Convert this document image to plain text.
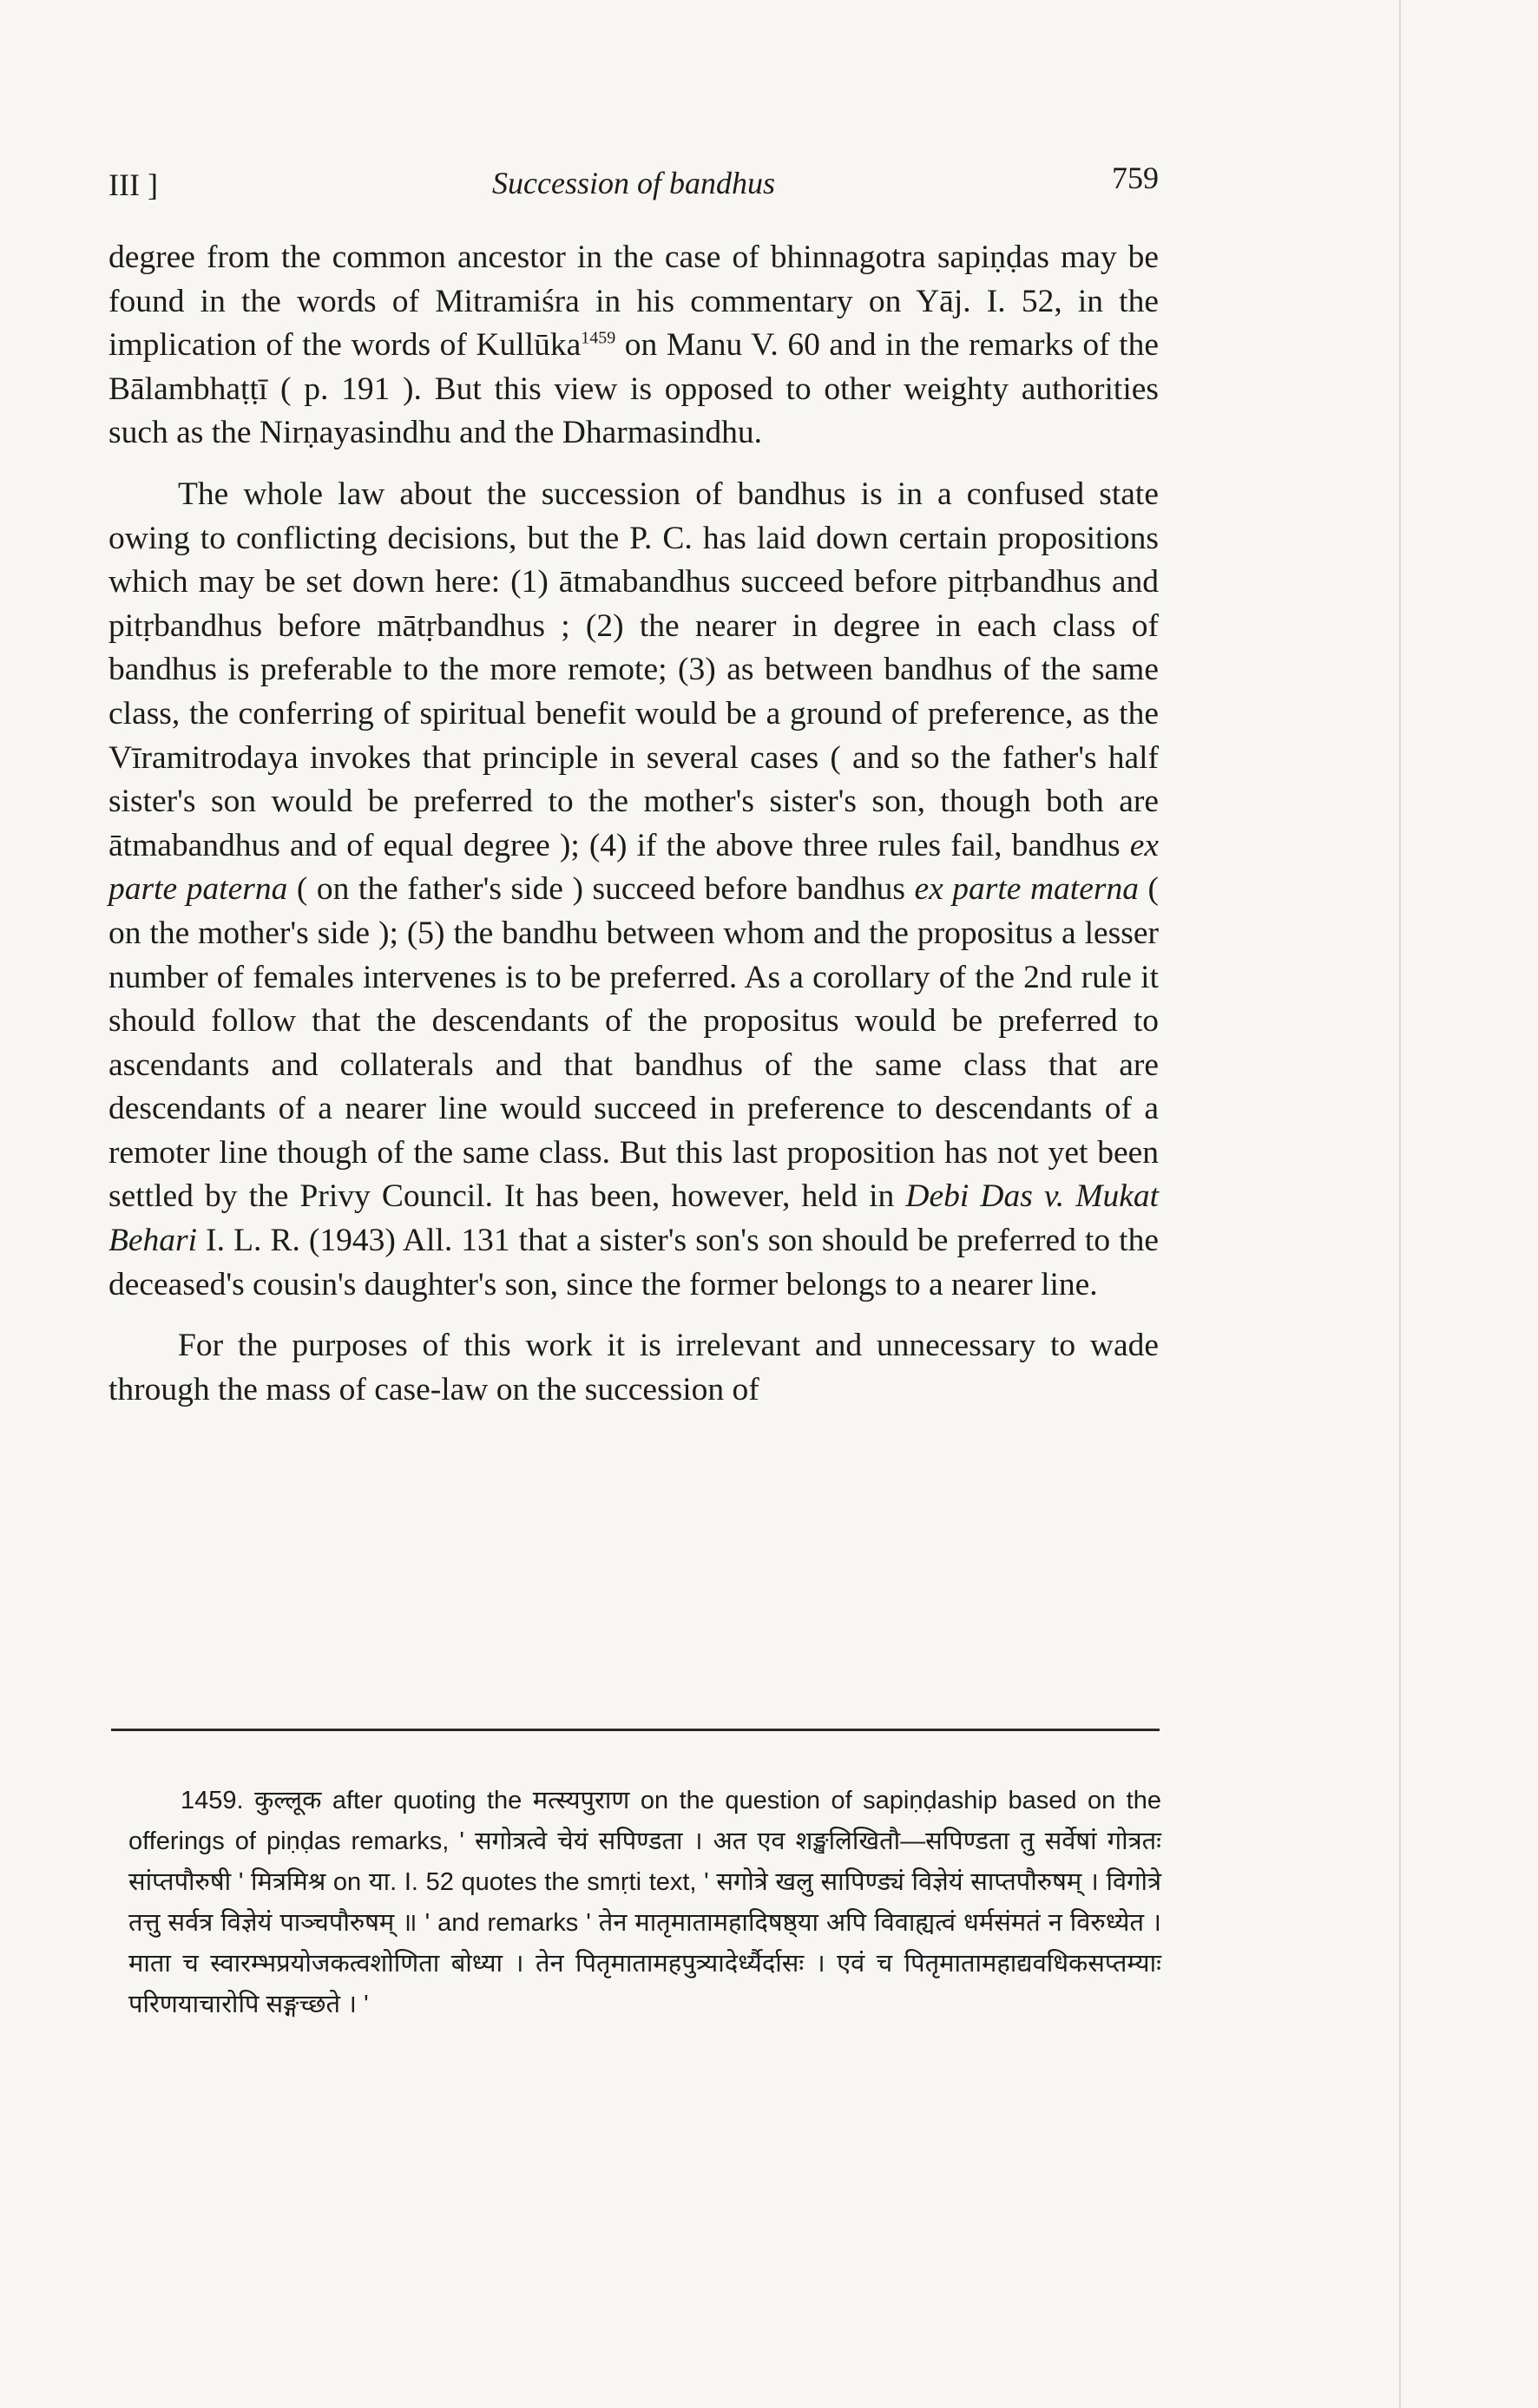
III ]	Succession of bandhus	759

degree from the common ancestor in the case of bhinnagotra sapiṇḍas may be found in the words of Mitramiśra in his commentary on Yāj. I. 52, in the implication of the words of Kullūka$^{1459}$ on Manu V. 60 and in the remarks of the Bālambhaṭṭī ( p. 191 ). But this view is opposed to other weighty authorities such as the Nirṇayasindhu and the Dharmasindhu.

The whole law about the succession of bandhus is in a confused state owing to conflicting decisions, but the P. C. has laid down certain propositions which may be set down here: (1) ātmabandhus succeed before pitṛbandhus and pitṛbandhus before mātṛbandhus ; (2) the nearer in degree in each class of bandhus is preferable to the more remote; (3) as between bandhus of the same class, the conferring of spiritual benefit would be a ground of preference, as the Vīramitrodaya invokes that principle in several cases ( and so the father's half sister's son would be preferred to the mother's sister's son, though both are ātmabandhus and of equal degree ); (4) if the above three rules fail, bandhus ex parte paterna ( on the father's side ) succeed before bandhus ex parte materna ( on the mother's side ); (5) the bandhu between whom and the propositus a lesser number of females intervenes is to be preferred. As a corollary of the 2nd rule it should follow that the descendants of the propositus would be preferred to ascendants and collaterals and that bandhus of the same class that are descendants of a nearer line would succeed in preference to descendants of a remoter line though of the same class. But this last proposition has not yet been settled by the Privy Council. It has been, however, held in Debi Das v. Mukat Behari I. L. R. (1943) All. 131 that a sister's son's son should be preferred to the deceased's cousin's daughter's son, since the former belongs to a nearer line.

For the purposes of this work it is irrelevant and unnecessary to wade through the mass of case-law on the succession of

1459. कुल्लूक after quoting the मत्स्यपुराण on the question of sapiṇḍaship based on the offerings of piṇḍas remarks, ' सगोत्रत्वे चेयं सपिण्डता । अत एव शङ्खलिखितौ—सपिण्डता तु सर्वेषां गोत्रतः सांप्तपौरुषी ' मित्रमिश्र on या. I. 52 quotes the smṛti text, ' सगोत्रे खलु सापिण्ड्यं विज्ञेयं साप्तपौरुषम् । विगोत्रे तत्तु सर्वत्र विज्ञेयं पाञ्चपौरुषम् ॥ ' and remarks ' तेन मातृमातामहादिषष्ठ्या अपि विवाह्यत्वं धर्मसंमतं न विरुध्येत । माता च स्वारम्भप्रयोजकत्वशोणिता बोध्या । तेन पितृमातामहपुत्र्यादेर्ध्यैर्दासः । एवं च पितृमातामहाद्यवधिकसप्तम्याः परिणयाचारोपि सङ्गच्छते । '
